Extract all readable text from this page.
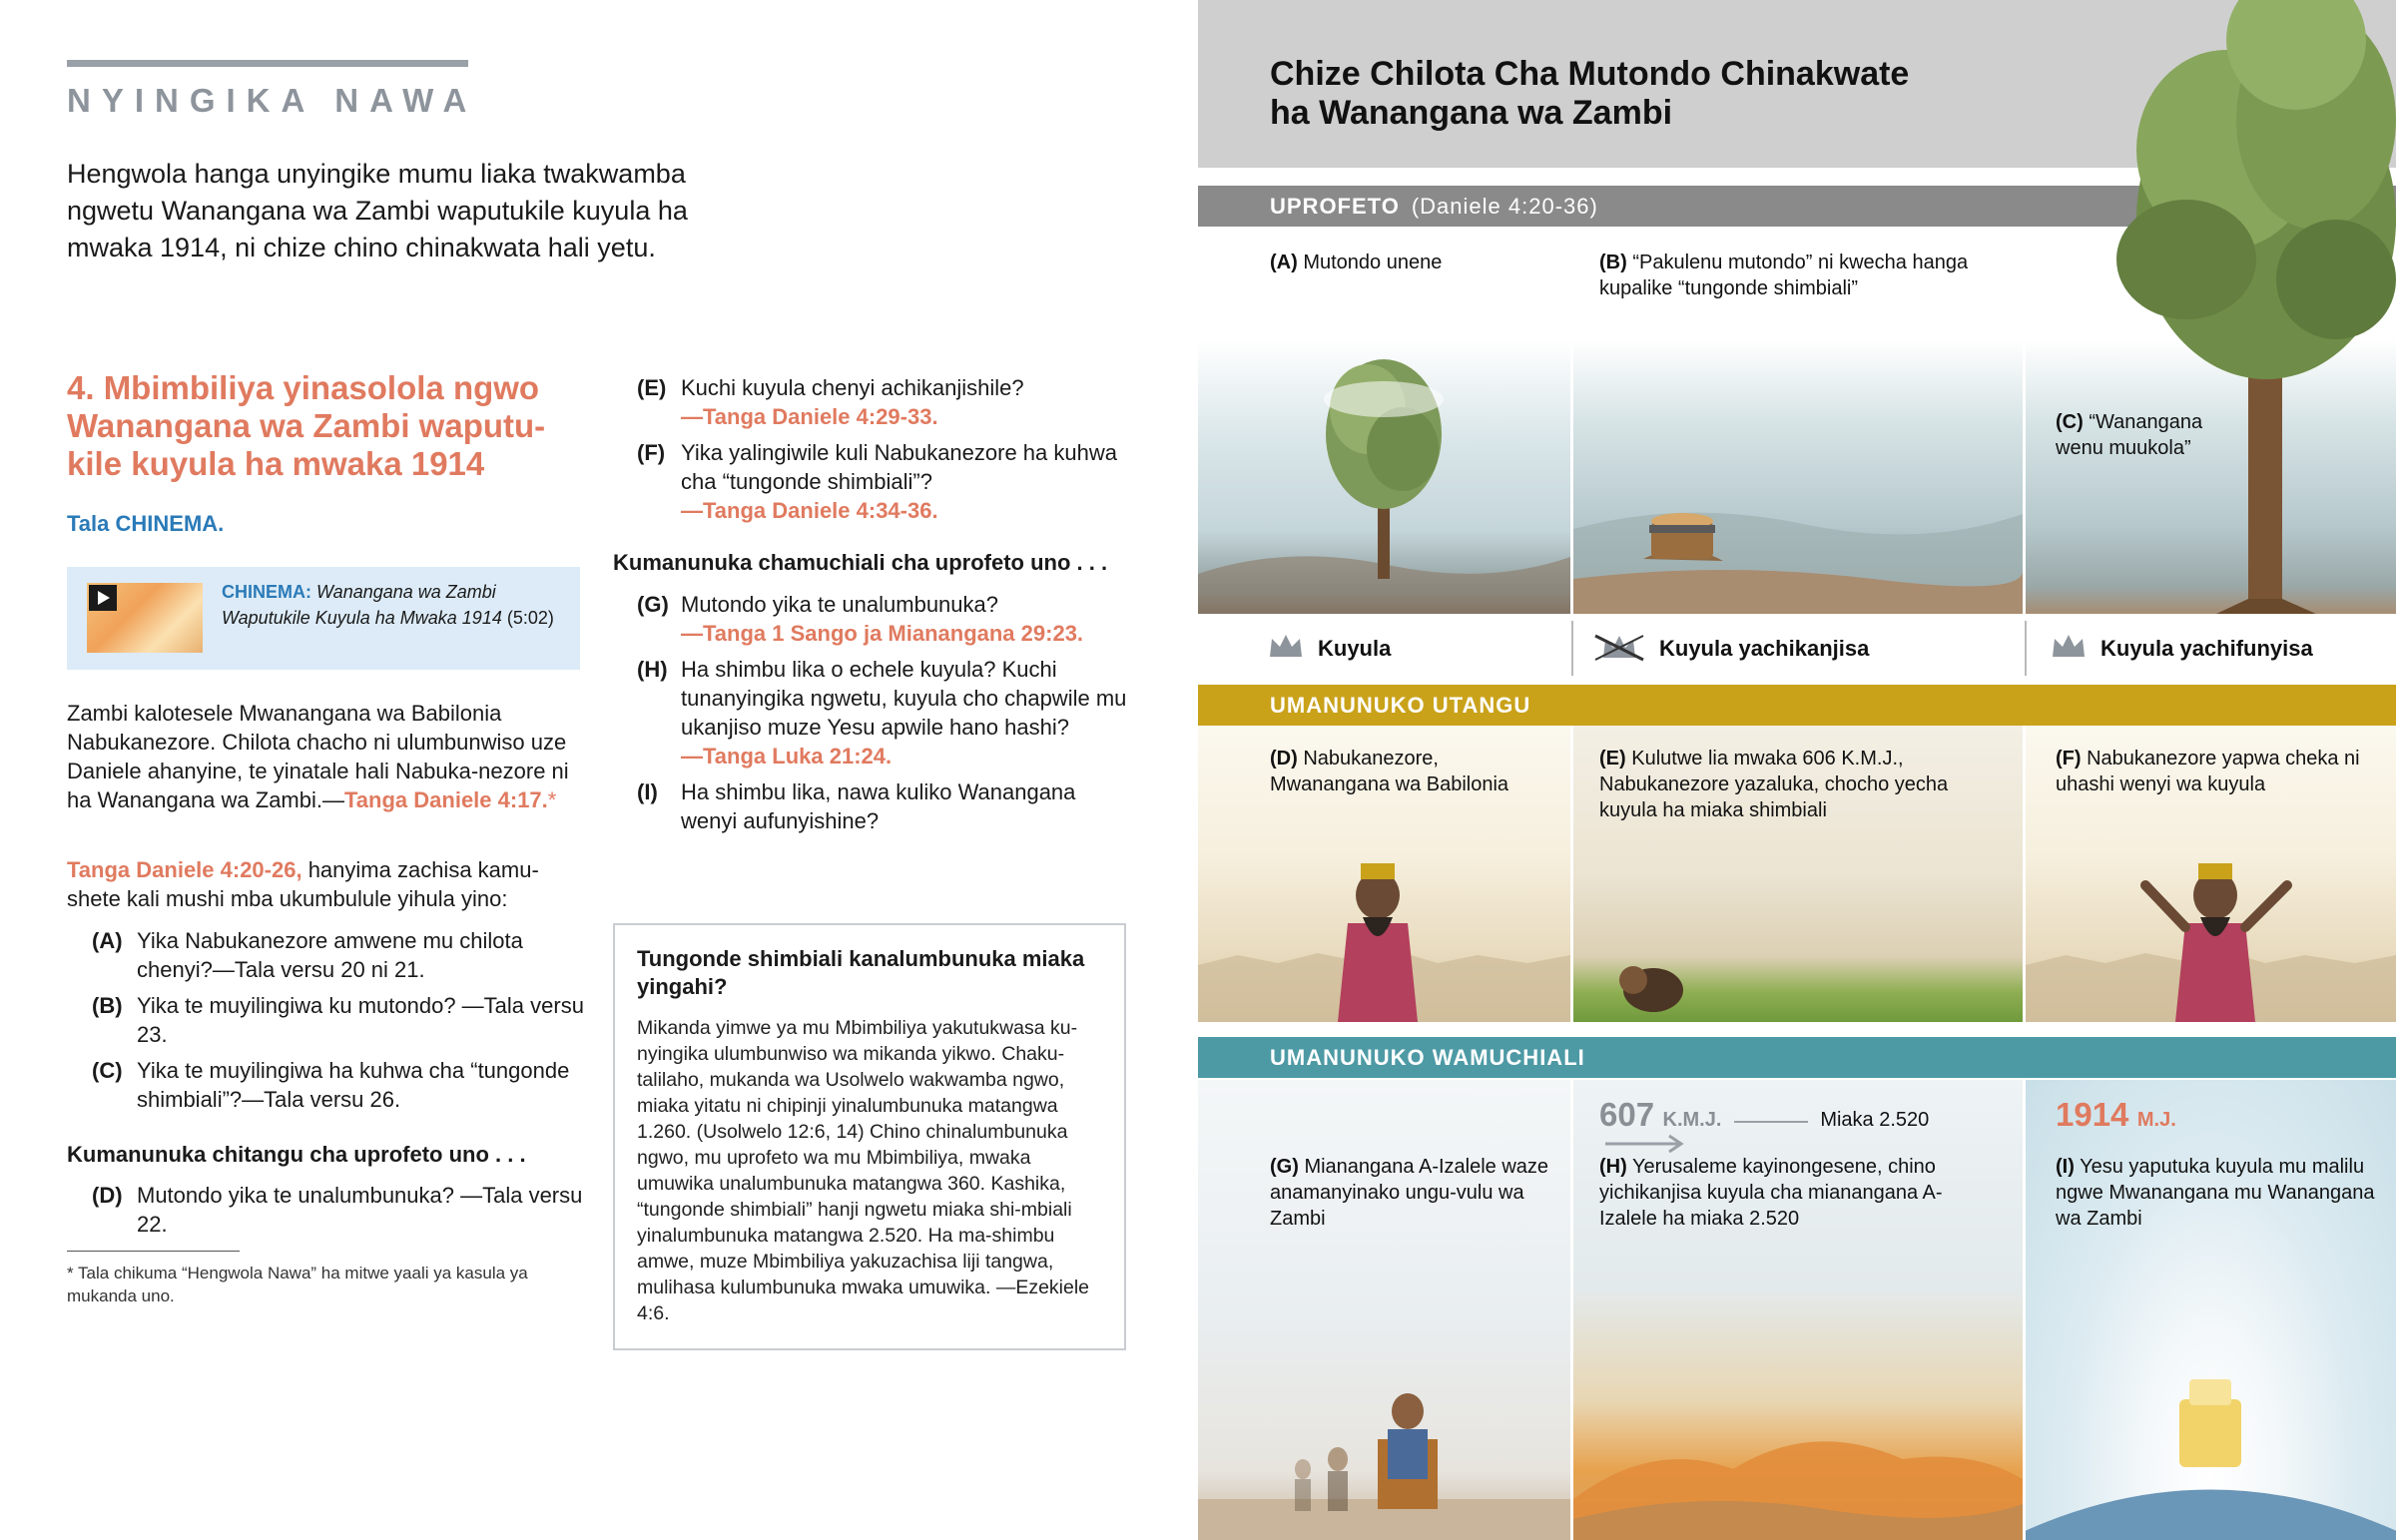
NYINGIKA NAWA
Hengwola hanga unyingike mumu liaka twakwamba ngwetu Wanangana wa Zambi waputukile kuyula ha mwaka 1914, ni chize chino chinakwata hali yetu.
4. Mbimbiliya yinasolola ngwo Wanangana wa Zambi waputu-kile kuyula ha mwaka 1914
Tala CHINEMA.
CHINEMA: Wanangana wa Zambi Waputukile Kuyula ha Mwaka 1914 (5:02)
Zambi kalotesele Mwanangana wa Babilonia Nabukanezore. Chilota chacho ni ulumbunwiso uze Daniele ahanyine, te yinatale hali Nabuka-nezore ni ha Wanangana wa Zambi.—Tanga Daniele 4:17.*
Tanga Daniele 4:20-26, hanyima zachisa kamu-shete kali mushi mba ukumbulule yihula yino:
(A) Yika Nabukanezore amwene mu chilota chenyi?—Tala versu 20 ni 21.
(B) Yika te muyilingiwa ku mutondo? —Tala versu 23.
(C) Yika te muyilingiwa ha kuhwa cha “tungonde shimbiali”?—Tala versu 26.
Kumanunuka chitangu cha uprofeto uno . . .
(D) Mutondo yika te unalumbunuka? —Tala versu 22.
* Tala chikuma “Hengwola Nawa” ha mitwe yaali ya kasula ya mukanda uno.
(E) Kuchi kuyula chenyi achikanjishile?
—Tanga Daniele 4:29-33.
(F) Yika yalingiwile kuli Nabukanezore ha kuhwa cha “tungonde shimbiali”?
—Tanga Daniele 4:34-36.
Kumanunuka chamuchiali cha uprofeto uno . . .
(G) Mutondo yika te unalumbunuka?
—Tanga 1 Sango ja Mianangana 29:23.
(H) Ha shimbu lika o echele kuyula? Kuchi tunanyingika ngwetu, kuyula cho chapwile mu ukanjiso muze Yesu apwile hano hashi?
—Tanga Luka 21:24.
(I)	Ha shimbu lika, nawa kuliko Wanangana wenyi aufunyishine?
Tungonde shimbiali kanalumbunuka miaka yingahi?
Mikanda yimwe ya mu Mbimbiliya yakutukwasa ku-nyingika ulumbunwiso wa mikanda yikwo. Chaku-talilaho, mukanda wa Usolwelo wakwamba ngwo, miaka yitatu ni chipinji yinalumbunuka matangwa 1.260. (Usolwelo 12:6, 14) Chino chinalumbunuka ngwo, mu uprofeto wa mu Mbimbiliya, mwaka umuwika unalumbunuka matangwa 360. Kashika, “tungonde shimbiali” hanji ngwetu miaka shi-mbiali yinalumbunuka matangwa 2.520. Ha ma-shimbu amwe, muze Mbimbiliya yakuzachisa liji tangwa, mulihasa kulumbunuka mwaka umuwika. —Ezekiele 4:6.
Chize Chilota Cha Mutondo Chinakwate
ha Wanangana wa Zambi
UPROFETO (Daniele 4:20-36)
(A) Mutondo unene	(B) “Pakulenu mutondo” ni kwecha hanga kupalike “tungonde shimbiali”
(C) “Wanangana wenu muukola”
Kuyula	Kuyula yachikanjisa	Kuyula yachifunyisa
UMANUNUKO UTANGU
(D) Nabukanezore, Mwanangana wa Babilonia
(E) Kulutwe lia mwaka 606 K.M.J., Nabukanezore yazaluka, chocho yecha kuyula ha miaka shimbiali
(F) Nabukanezore yapwa cheka ni uhashi wenyi wa kuyula
UMANUNUKO WAMUCHIALI
(G) Mianangana A-Izalele waze anamanyinako ungu-vulu wa Zambi
607 K.M.J.	Miaka 2.520
(H) Yerusaleme kayinongesene, chino yichikanjisa kuyula cha mianangana A-Izalele ha miaka 2.520
1914 M.J.
(I) Yesu yaputuka kuyula mu malilu ngwe Mwanangana mu Wanangana wa Zambi
